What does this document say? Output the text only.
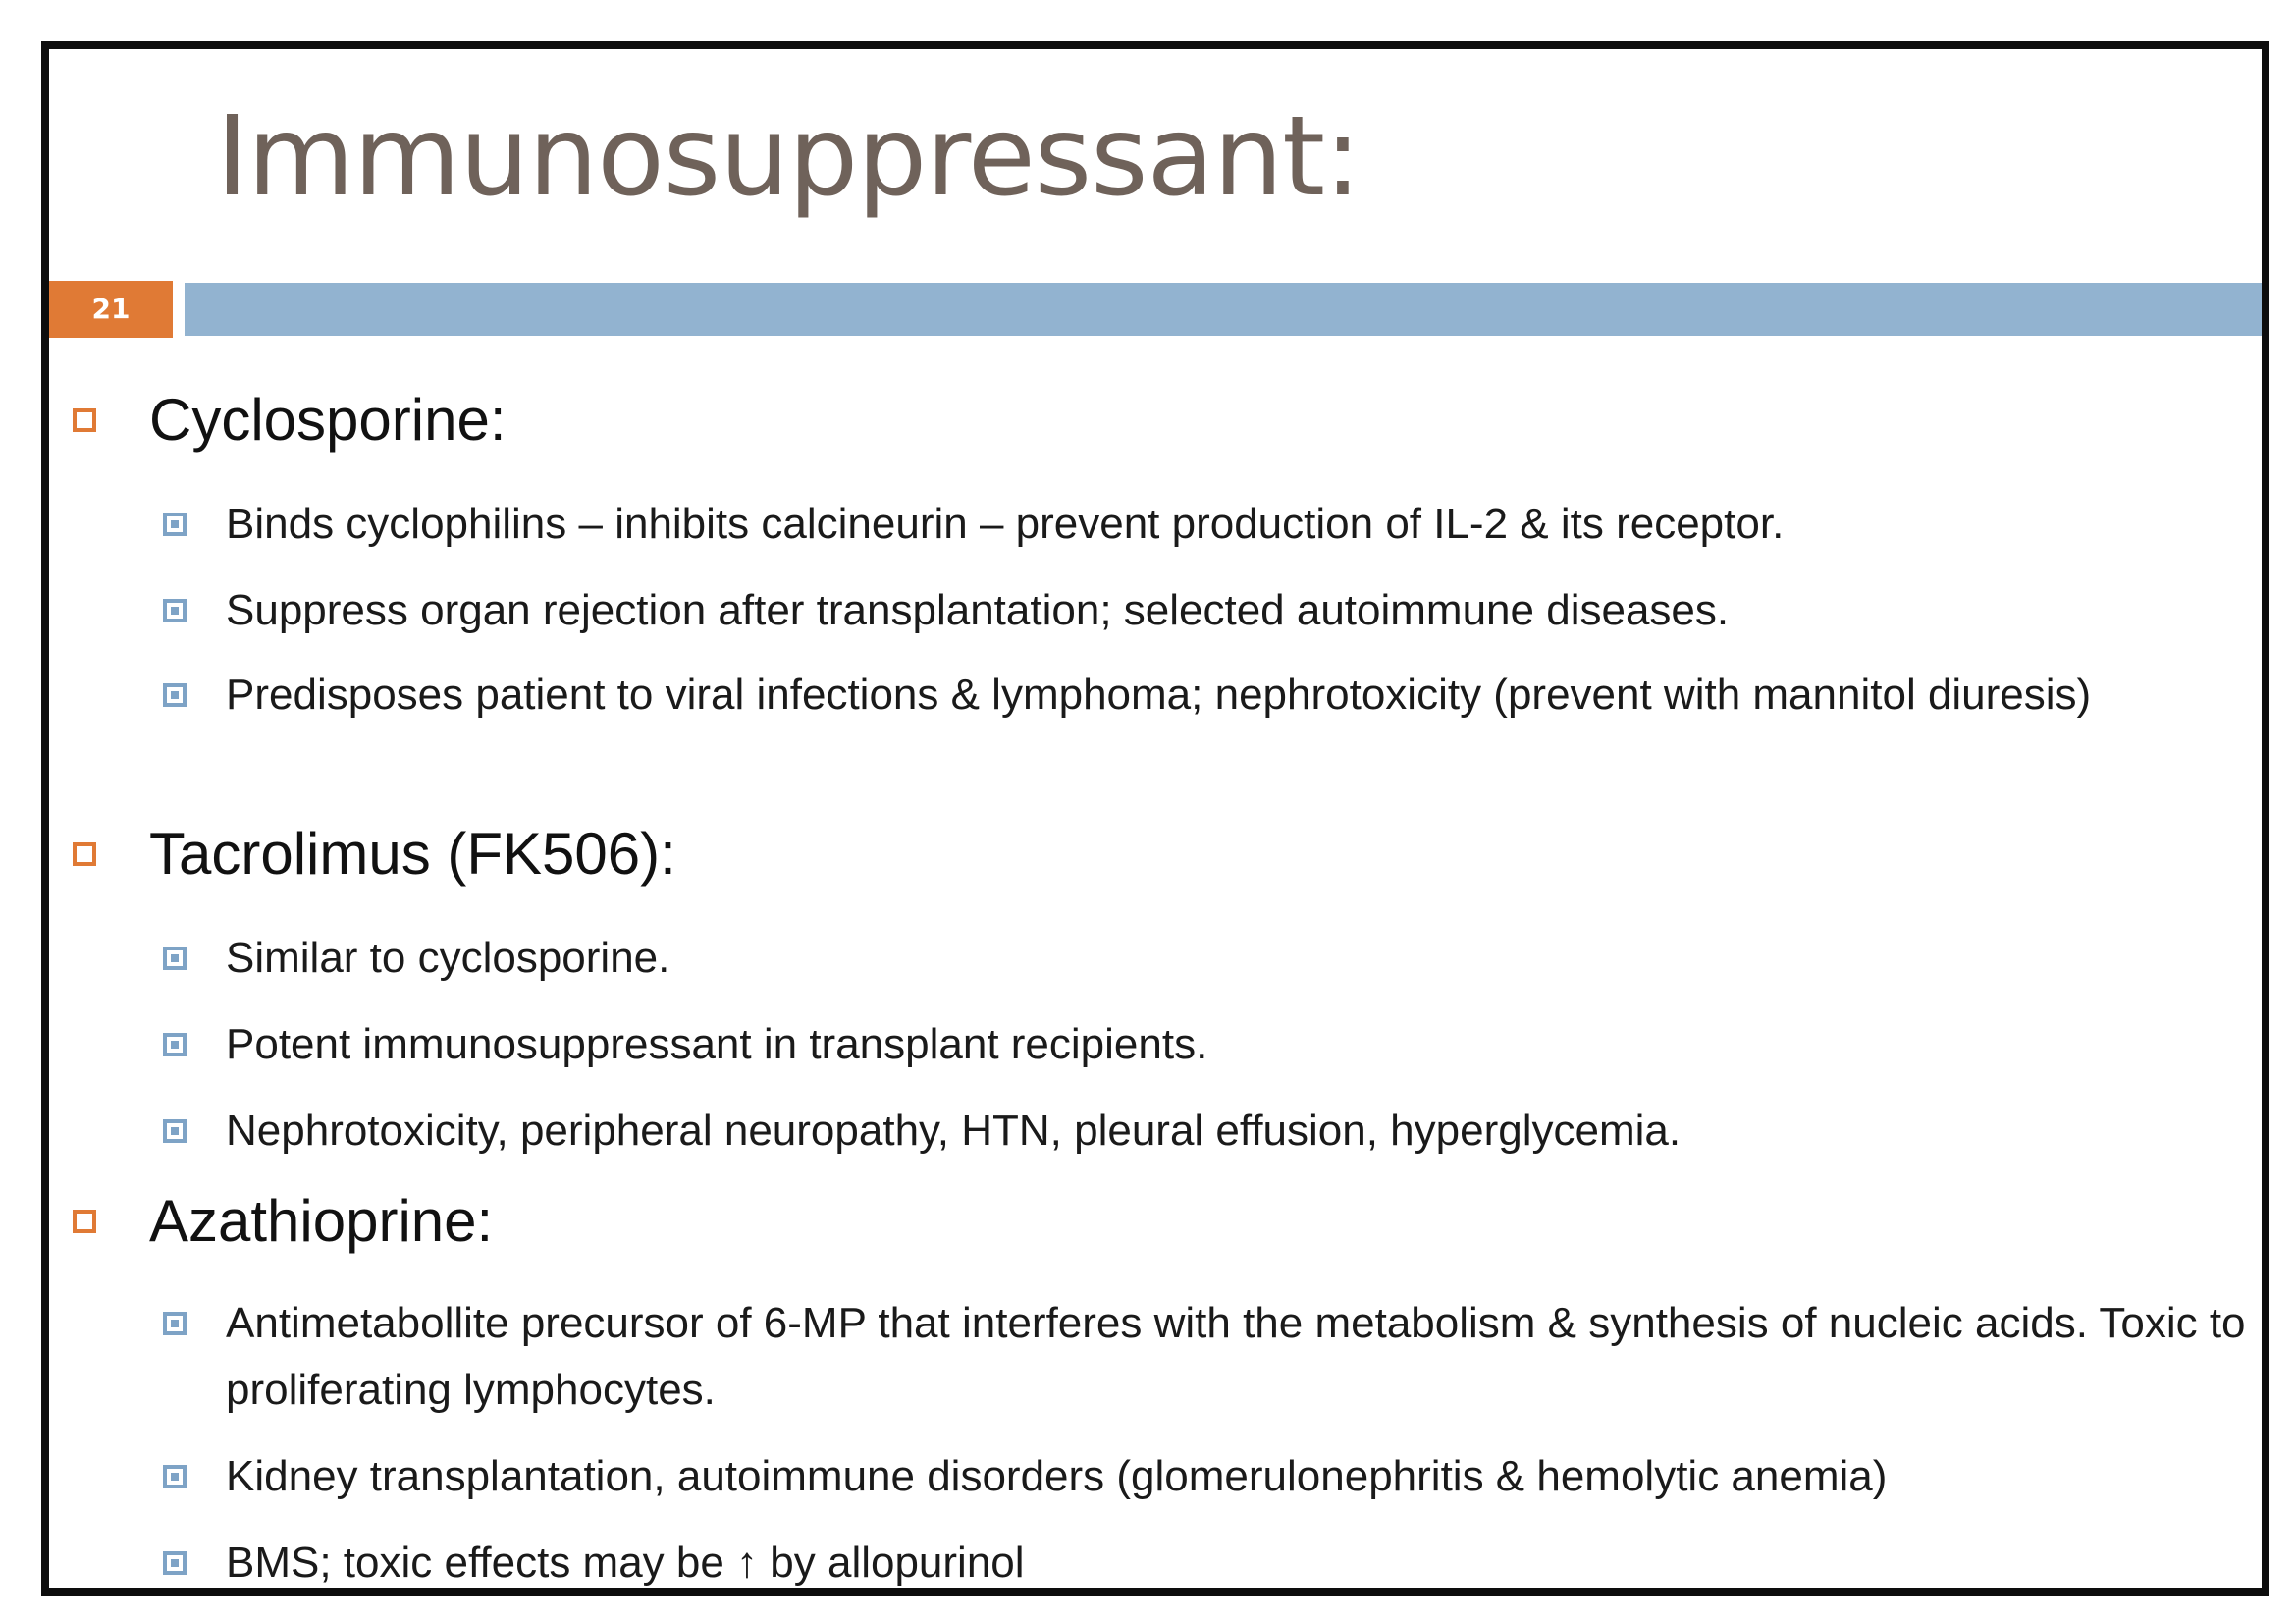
Immunosuppressant:
21
Cyclosporine:
Binds cyclophilins – inhibits calcineurin – prevent production of IL-2 & its receptor.
Suppress organ rejection after transplantation; selected autoimmune diseases.
Predisposes patient to viral infections & lymphoma; nephrotoxicity (prevent with mannitol diuresis)
Tacrolimus (FK506):
Similar to cyclosporine.
Potent immunosuppressant in transplant recipients.
Nephrotoxicity, peripheral neuropathy, HTN, pleural effusion, hyperglycemia.
Azathioprine:
Antimetabollite precursor of 6-MP that interferes with the metabolism & synthesis of nucleic acids. Toxic to proliferating lymphocytes.
Kidney transplantation, autoimmune disorders (glomerulonephritis & hemolytic anemia)
BMS; toxic effects may be ↑ by allopurinol
